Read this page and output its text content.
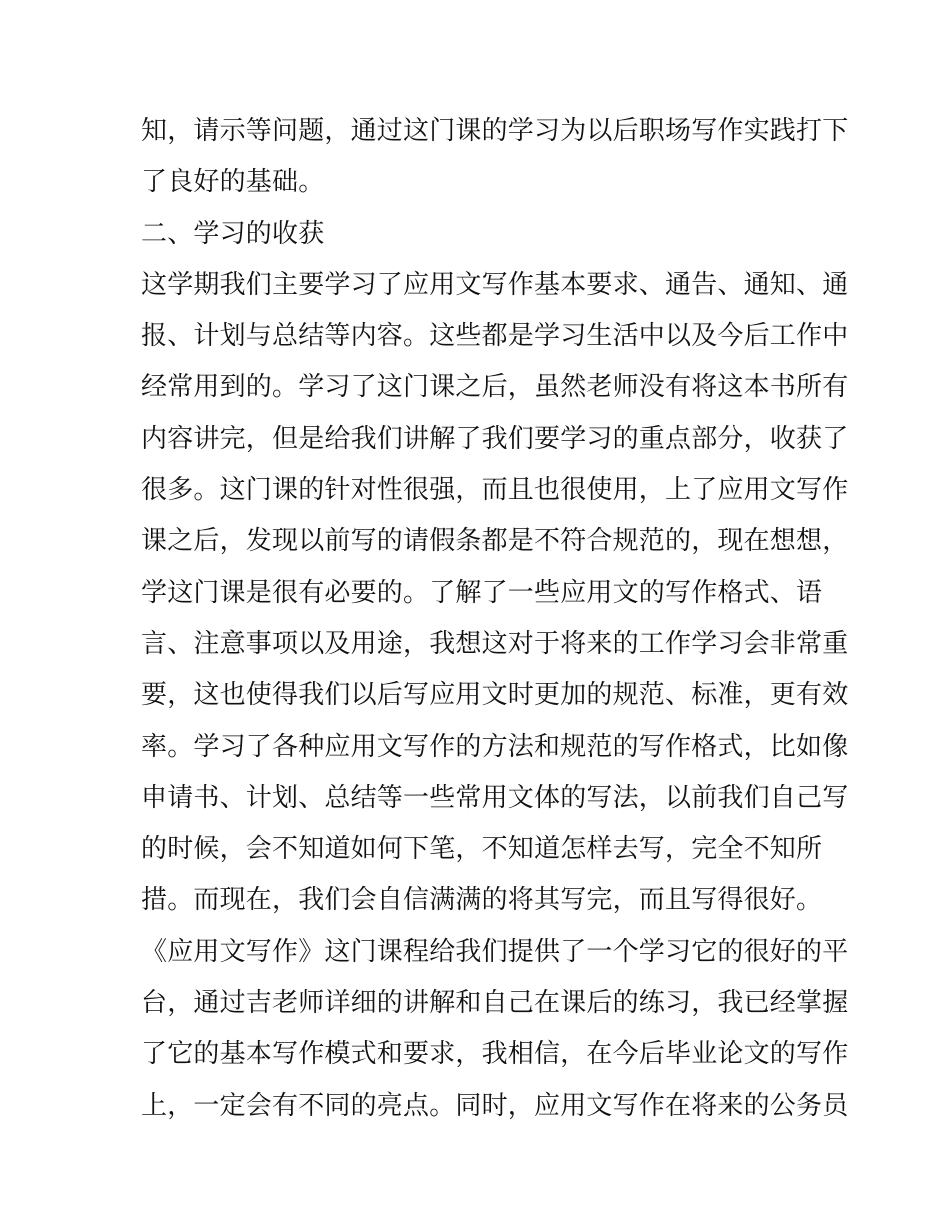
知，请示等问题，通过这门课的学习为以后职场写作实践打下
了良好的基础。
二、学习的收获
这学期我们主要学习了应用文写作基本要求、通告、通知、通
报、计划与总结等内容。这些都是学习生活中以及今后工作中
经常用到的。学习了这门课之后，虽然老师没有将这本书所有
内容讲完，但是给我们讲解了我们要学习的重点部分，收获了
很多。这门课的针对性很强，而且也很使用，上了应用文写作
课之后，发现以前写的请假条都是不符合规范的，现在想想，
学这门课是很有必要的。了解了一些应用文的写作格式、语
言、注意事项以及用途，我想这对于将来的工作学习会非常重
要，这也使得我们以后写应用文时更加的规范、标准，更有效
率。学习了各种应用文写作的方法和规范的写作格式，比如像
申请书、计划、总结等一些常用文体的写法，以前我们自己写
的时候，会不知道如何下笔，不知道怎样去写，完全不知所
措。而现在，我们会自信满满的将其写完，而且写得很好。
《应用文写作》这门课程给我们提供了一个学习它的很好的平
台，通过吉老师详细的讲解和自己在课后的练习，我已经掌握
了它的基本写作模式和要求，我相信，在今后毕业论文的写作
上，一定会有不同的亮点。同时，应用文写作在将来的公务员
